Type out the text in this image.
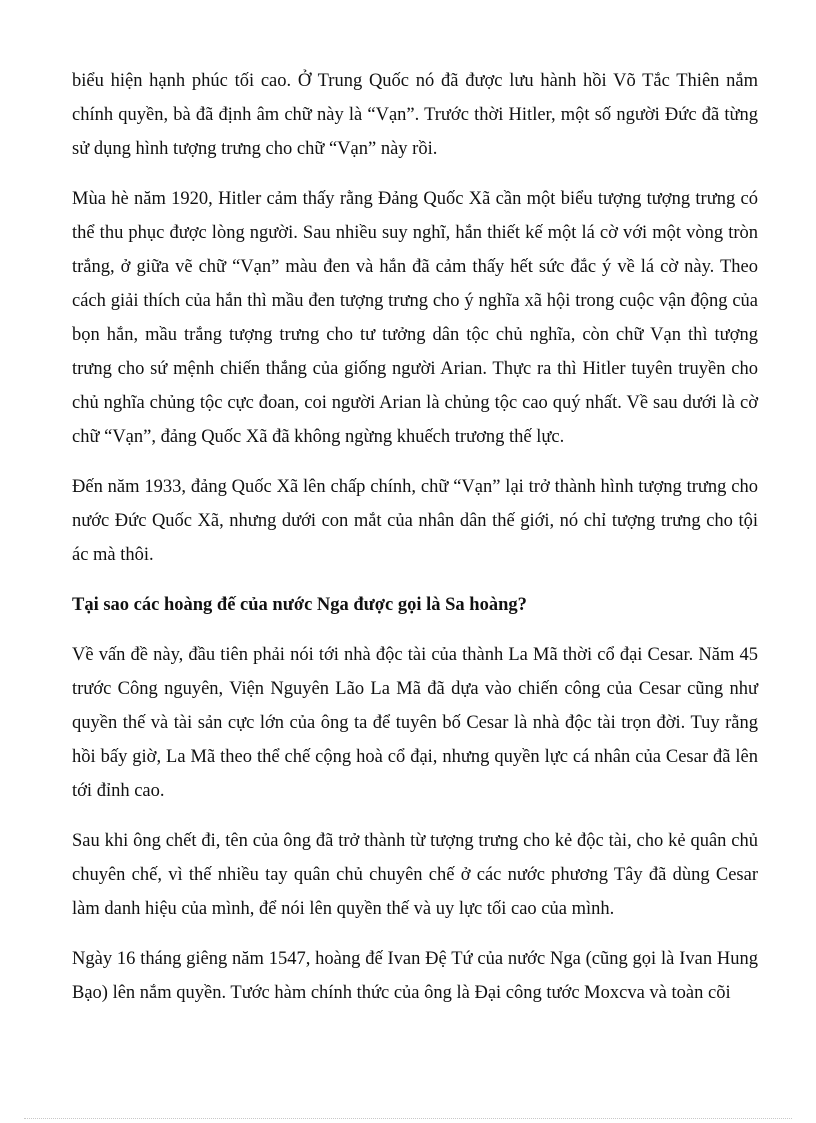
biểu hiện hạnh phúc tối cao. Ở Trung Quốc nó đã được lưu hành hồi Võ Tắc Thiên nắm chính quyền, bà đã định âm chữ này là “Vạn”. Trước thời Hitler, một số người Đức đã từng sử dụng hình tượng trưng cho chữ “Vạn” này rồi.

Mùa hè năm 1920, Hitler cảm thấy rằng Đảng Quốc Xã cần một biểu tượng tượng trưng có thể thu phục được lòng người. Sau nhiều suy nghĩ, hắn thiết kế một lá cờ với một vòng tròn trắng, ở giữa vẽ chữ “Vạn” màu đen và hắn đã cảm thấy hết sức đắc ý về lá cờ này. Theo cách giải thích của hắn thì mầu đen tượng trưng cho ý nghĩa xã hội trong cuộc vận động của bọn hắn, mầu trắng tượng trưng cho tư tưởng dân tộc chủ nghĩa, còn chữ Vạn thì tượng trưng cho sứ mệnh chiến thắng của giống người Arian. Thực ra thì Hitler tuyên truyền cho chủ nghĩa chủng tộc cực đoan, coi người Arian là chủng tộc cao quý nhất. Về sau dưới là cờ chữ “Vạn”, đảng Quốc Xã đã không ngừng khuếch trương thế lực.

Đến năm 1933, đảng Quốc Xã lên chấp chính, chữ “Vạn” lại trở thành hình tượng trưng cho nước Đức Quốc Xã, nhưng dưới con mắt của nhân dân thế giới, nó chỉ tượng trưng cho tội ác mà thôi.

Tại sao các hoàng đế của nước Nga được gọi là Sa hoàng?

Về vấn đề này, đầu tiên phải nói tới nhà độc tài của thành La Mã thời cổ đại Cesar. Năm 45 trước Công nguyên, Viện Nguyên Lão La Mã đã dựa vào chiến công của Cesar cũng như quyền thế và tài sản cực lớn của ông ta để tuyên bố Cesar là nhà độc tài trọn đời. Tuy rằng hồi bấy giờ, La Mã theo thể chế cộng hoà cổ đại, nhưng quyền lực cá nhân của Cesar đã lên tới đỉnh cao.

Sau khi ông chết đi, tên của ông đã trở thành từ tượng trưng cho kẻ độc tài, cho kẻ quân chủ chuyên chế, vì thế nhiều tay quân chủ chuyên chế ở các nước phương Tây đã dùng Cesar làm danh hiệu của mình, để nói lên quyền thế và uy lực tối cao của mình.

Ngày 16 tháng giêng năm 1547, hoàng đế Ivan Đệ Tứ của nước Nga (cũng gọi là Ivan Hung Bạo) lên nắm quyền. Tước hàm chính thức của ông là Đại công tước Moxcva và toàn cõi
